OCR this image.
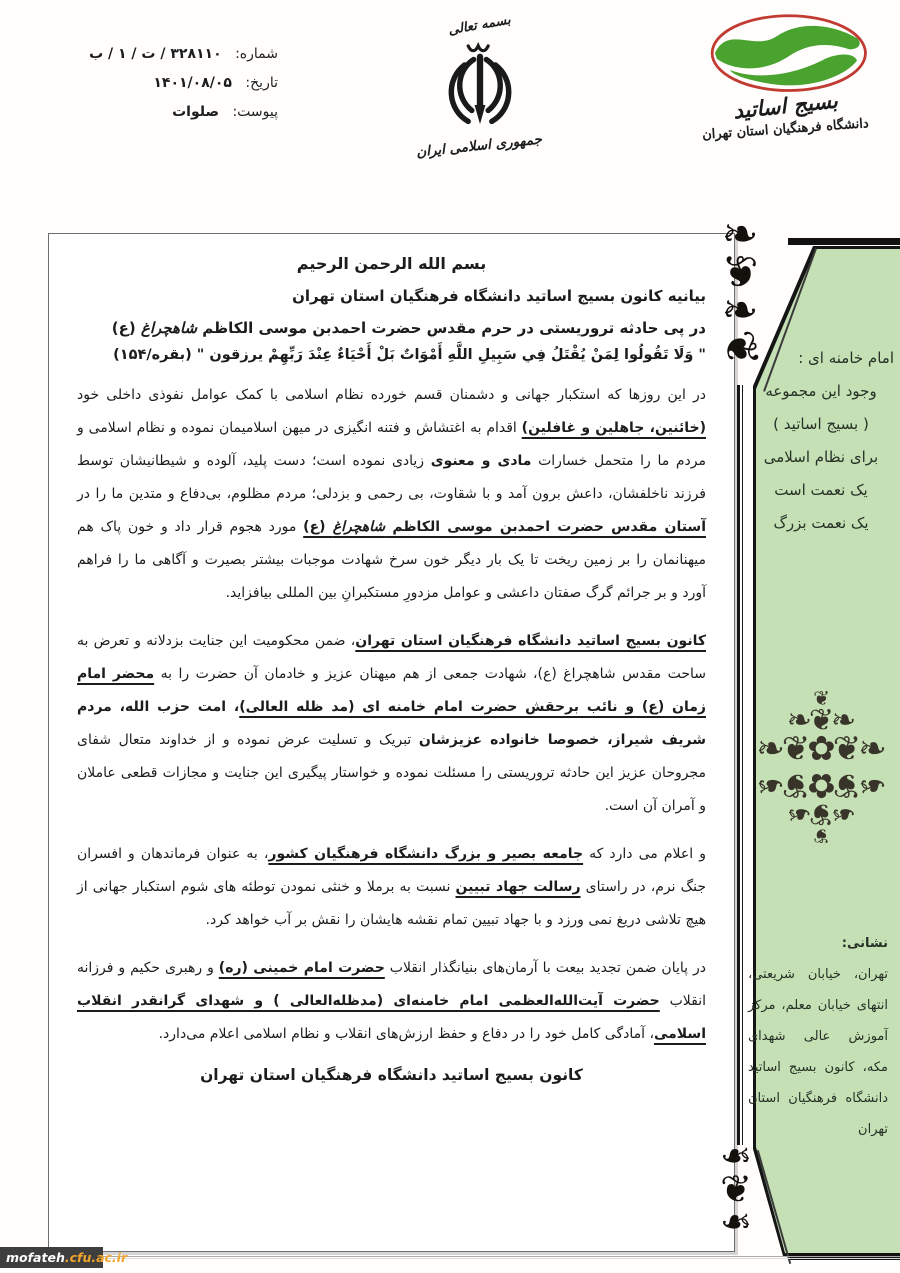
شماره: ۳۲۸۱۱۰ / ت / ۱ / ب
تاریخ: ۱۴۰۱/۰۸/۰۵
پیوست: صلوات
بسمه تعالی
جمهوری اسلامی ایران
بسیج اساتید
دانشگاه فرهنگیان استان تهران
بسم الله الرحمن الرحیم
بیانیه کانون بسیج اساتید دانشگاه فرهنگیان استان تهران
در پی حادثه تروریستی در حرم مقدس حضرت احمدبن موسی الکاظم شاهچراغ (ع)
" وَلَا تَقُولُوا لِمَنْ يُقْتَلُ فِي سَبِيلِ اللَّهِ أَمْوَاتٌ بَلْ أَحْيَاءٌ عِنْدَ رَبِّهِمْ يرزقون " (بقره/۱۵۴)

در این روزها که استکبار جهانی و دشمنان قسم خورده نظام اسلامی با کمک عوامل نفوذی داخلی خود (خائنین، جاهلین و غافلین) اقدام به اغتشاش و فتنه انگیزی در میهن اسلامیمان نموده و نظام اسلامی و مردم ما را متحمل خسارات مادی و معنوی زیادی نموده است؛ دست پلید، آلوده و شیطانیشان توسط فرزند ناخلفشان، داعش برون آمد و با شقاوت، بی رحمی و بزدلی؛ مردم مظلوم، بی‌دفاع و متدین ما را در آستان مقدس حضرت احمدبن موسی الکاظم شاهچراغ (ع) مورد هجوم قرار داد و خون پاک هم میهنانمان را بر زمین ریخت تا یک بار دیگر خون سرخ شهادت موجبات بیشتر بصیرت و آگاهی ما را فراهم آورد و بر جرائم گرگ صفتان داعشی و عوامل مزدورِ مستکبرانِ بین المللی بیافزاید.

کانون بسیج اساتید دانشگاه فرهنگیان استان تهران، ضمن محکومیت این جنایت بزدلانه و تعرض به ساحت مقدس شاهچراغ (ع)، شهادت جمعی از هم میهنان عزیز و خادمان آن حضرت را به محضر امام زمان (ع) و نائب برحقش حضرت امام خامنه ای (مد ظله العالی)، امت حزب الله، مردم شریف شیراز، خصوصا خانواده عزیزشان تبریک و تسلیت عرض نموده و از خداوند متعال شفای مجروحان عزیز این حادثه تروریستی را مسئلت نموده و خواستار پیگیری این جنایت و مجازات قطعی عاملان و آمران آن است.

و اعلام می دارد که جامعه بصیر و بزرگ دانشگاه فرهنگیان کشور، به عنوان فرماندهان و افسران جنگ نرم، در راستای رسالت جهاد تبیین نسبت به برملا و خنثی نمودن توطئه های شوم استکبار جهانی از هیچ تلاشی دریغ نمی ورزد و با جهاد تبیین تمام نقشه هایشان را نقش بر آب خواهد کرد.

در پایان ضمن تجدید بیعت با آرمان‌های بنیانگذار انقلاب حضرت امام خمینی (ره) و رهبری حکیم و فرزانه انقلاب حضرت آیت‌الله‌العظمی امام خامنه‌ای (مدظله‌العالی ) و شهدای گرانقدر انقلاب اسلامی، آمادگی کامل خود را در دفاع و حفظ ارزش‌های انقلاب و نظام اسلامی اعلام می‌دارد.

کانون بسیج اساتید دانشگاه فرهنگیان استان تهران
❧
❦
❧
❦
❧
❦
❧
امام خامنه ای :
وجود این مجموعه
( بسیج اساتید )
برای نظام اسلامی
یک نعمت است
یک نعمت بزرگ
❦
❧❦❧
❧❦✿❦❧
❦
❧❦❧
❧❦✿❦❧
نشانی:
تهران، خیابان شریعتی، انتهای خیابان معلم، مرکز آموزش عالی شهدای مکه، کانون بسیج اساتید دانشگاه فرهنگیان استان تهران
mofateh .cfu.ac.ir
